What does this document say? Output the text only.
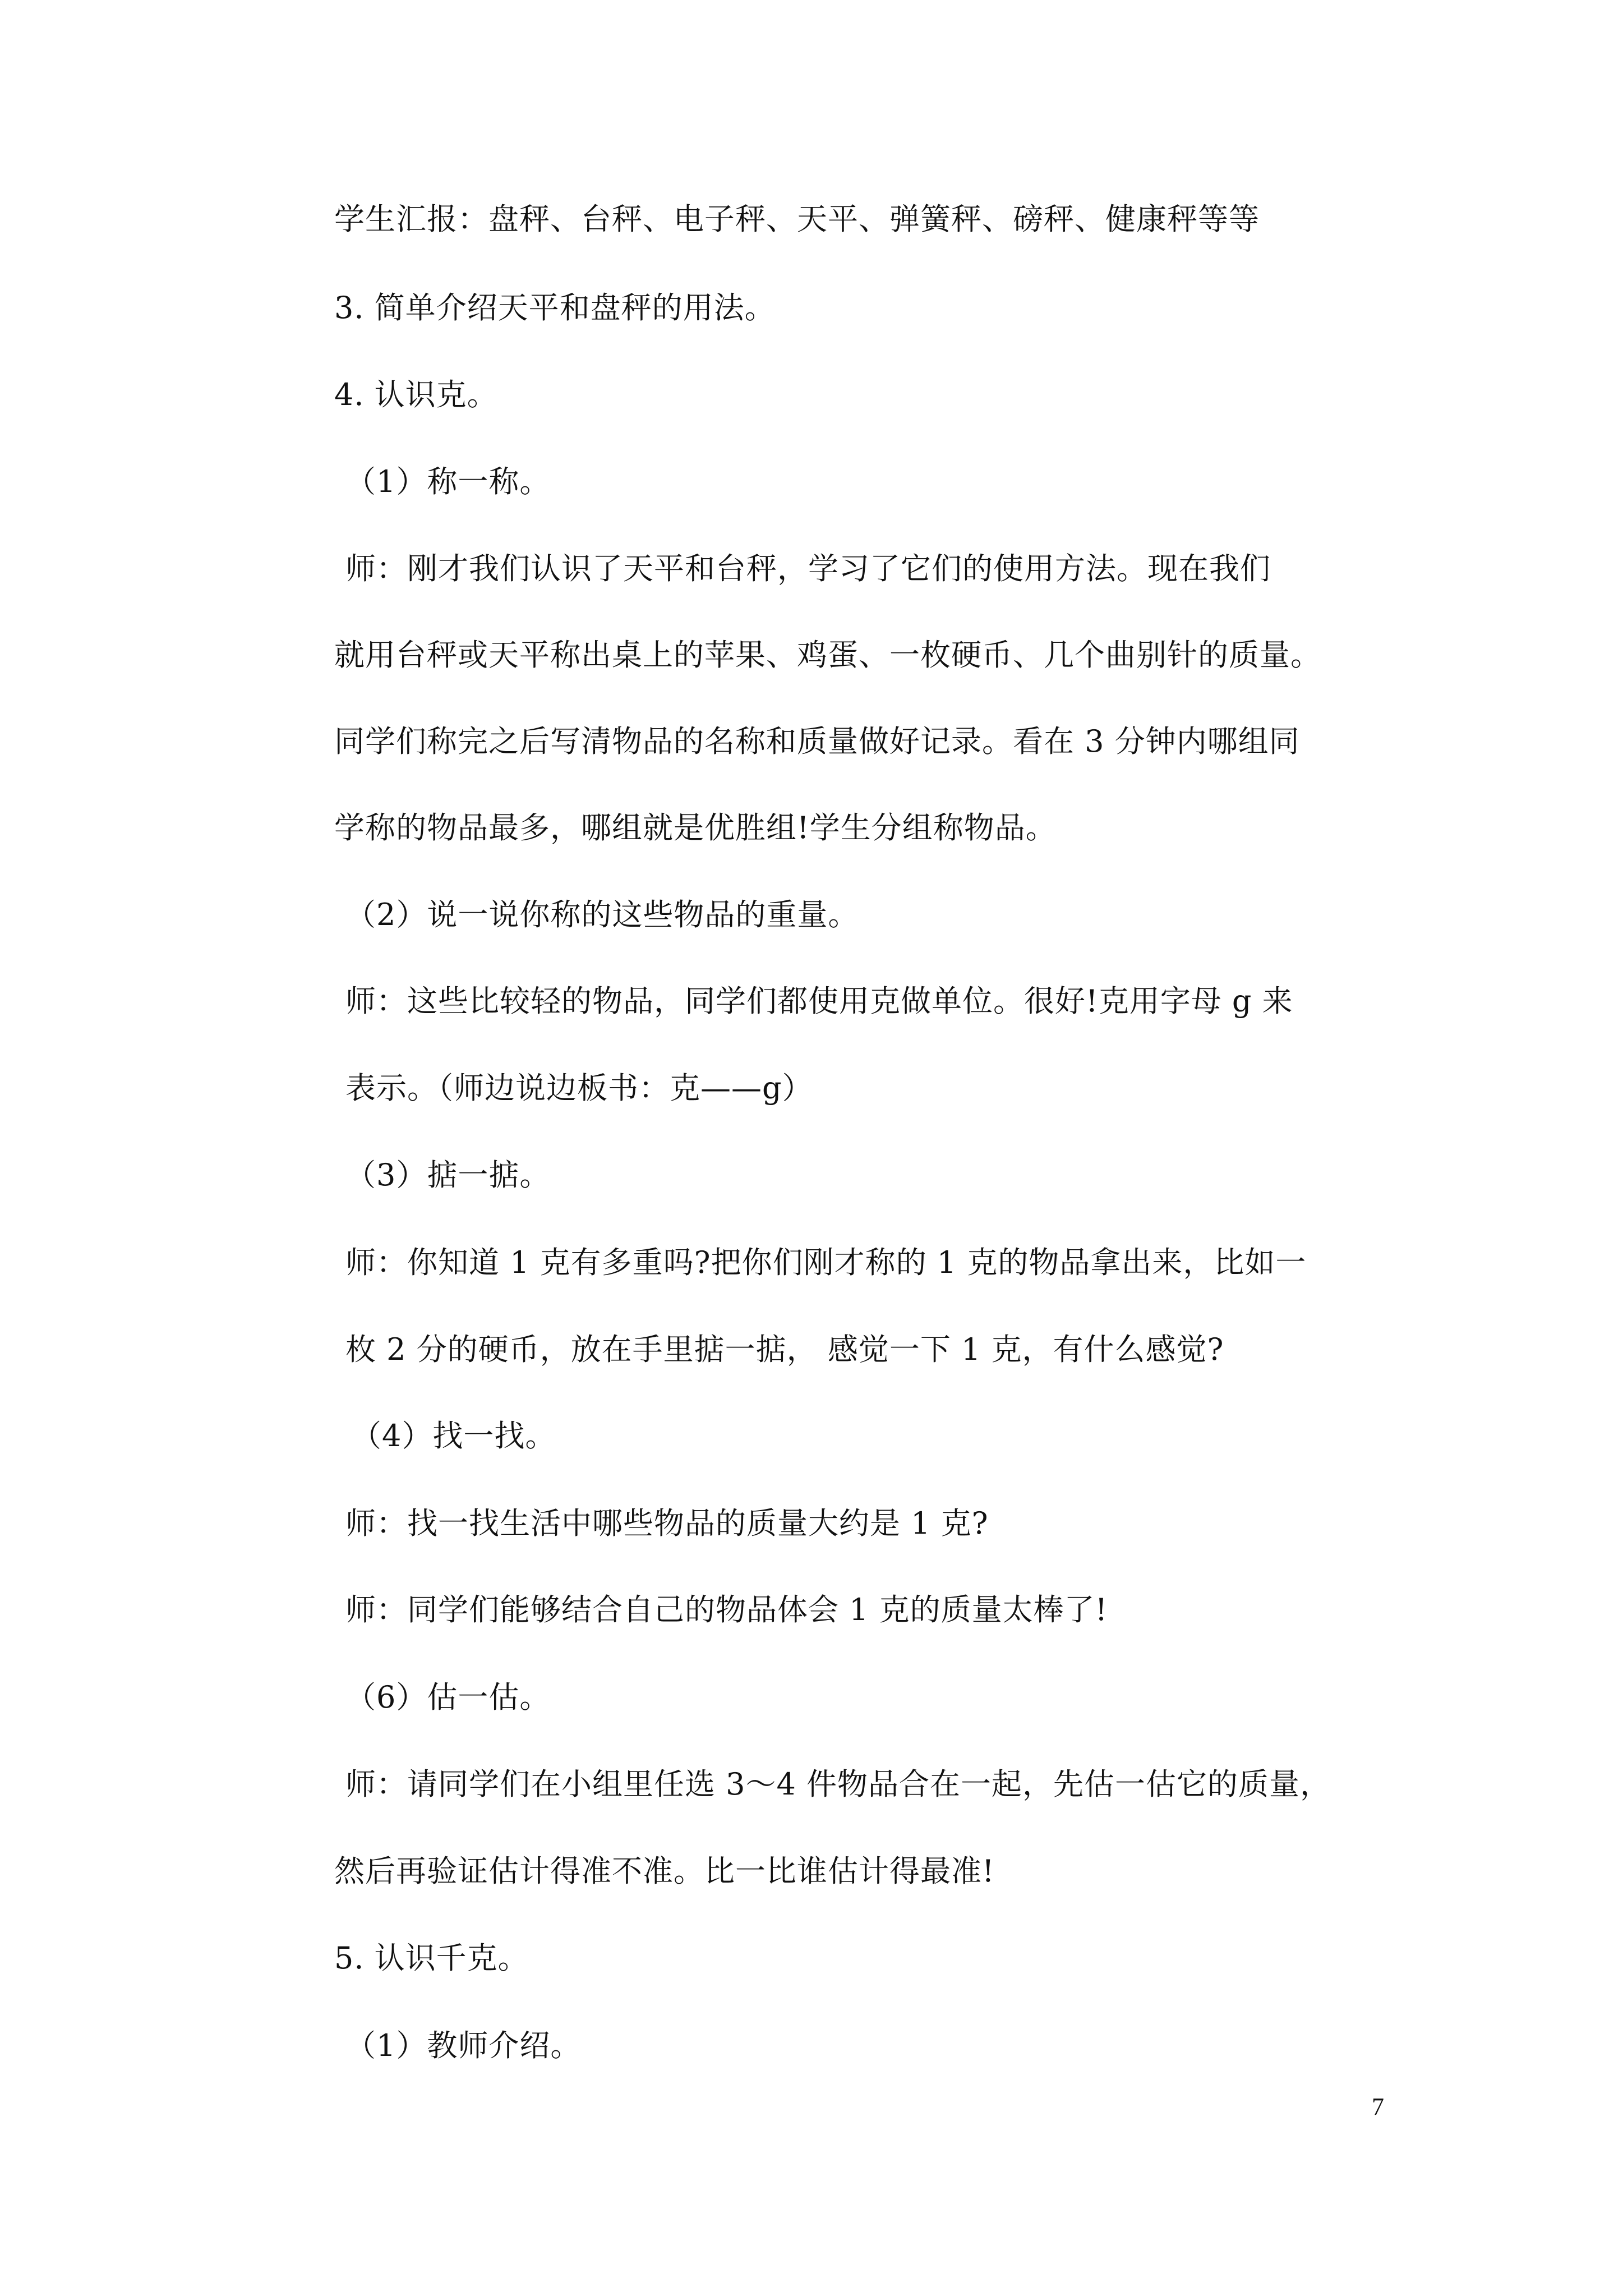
学生汇报：盘秤、台秤、电子秤、天平、弹簧秤、磅秤、健康秤等等
3. 简单介绍天平和盘秤的用法。
4. 认识克。
（1）称一称。
师：刚才我们认识了天平和台秤，学习了它们的使用方法。现在我们
就用台秤或天平称出桌上的苹果、鸡蛋、一枚硬币、几个曲别针的质量。
同学们称完之后写清物品的名称和质量做好记录。看在 3 分钟内哪组同
学称的物品最多，哪组就是优胜组!学生分组称物品。
（2）说一说你称的这些物品的重量。
师：这些比较轻的物品，同学们都使用克做单位。很好!克用字母 g 来
表示。（师边说边板书：克——g）
（3）掂一掂。
师：你知道 1 克有多重吗?把你们刚才称的 1 克的物品拿出来，比如一
枚 2 分的硬币，放在手里掂一掂， 感觉一下 1 克，有什么感觉?
（4）找一找。
师：找一找生活中哪些物品的质量大约是 1 克?
师：同学们能够结合自己的物品体会 1 克的质量太棒了!
（6）估一估。
师：请同学们在小组里任选 3～4 件物品合在一起，先估一估它的质量，
然后再验证估计得准不准。比一比谁估计得最准!
5. 认识千克。
（1）教师介绍。
7
